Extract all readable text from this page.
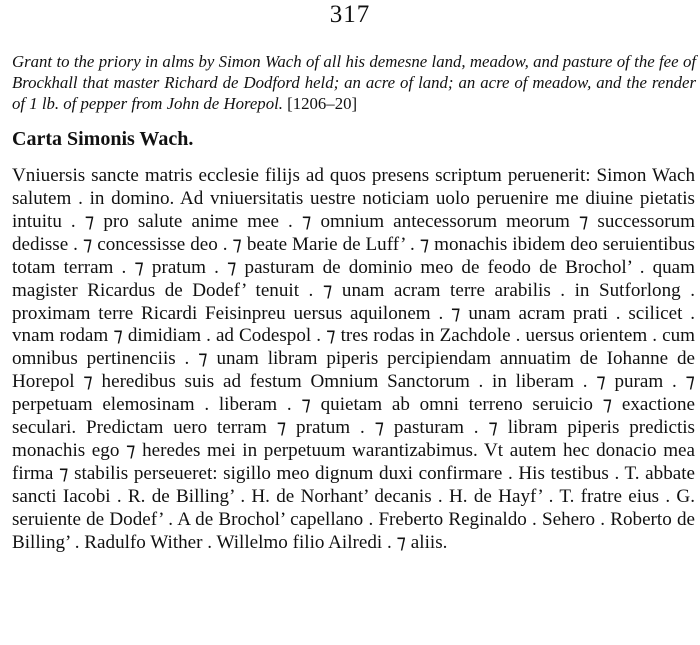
317

Grant to the priory in alms by Simon Wach of all his demesne land, meadow, and pasture of the fee of Brockhall that master Richard de Dodford held; an acre of land; an acre of meadow, and the render of 1 lb. of pepper from John de Horepol. [1206–20]

Carta Simonis Wach.

Vniuersis sancte matris ecclesie filijs ad quos presens scriptum peruenerit: Simon Wach salutem . in domino. Ad vniuersitatis uestre noticiam uolo peruenire me diuine pietatis intuitu . ⁊ pro salute anime mee . ⁊ omnium antecessorum meorum ⁊ successorum dedisse . ⁊ concessisse deo . ⁊ beate Marie de Luff’ . ⁊ monachis ibidem deo seruientibus totam terram . ⁊ pratum . ⁊ pasturam de dominio meo de feodo de Brochol’ . quam magister Ricardus de Dodef’ tenuit . ⁊ unam acram terre arabilis . in Sutforlong . proximam terre Ricardi Feisinpreu uersus aquilonem . ⁊ unam acram prati . scilicet . vnam rodam ⁊ dimidiam . ad Codespol . ⁊ tres rodas in Zachdole . uersus orientem . cum omnibus pertinenciis . ⁊ unam libram piperis percipiendam annuatim de Iohanne de Horepol ⁊ heredibus suis ad festum Omnium Sanctorum . in liberam . ⁊ puram . ⁊ perpetuam elemosinam . liberam . ⁊ quietam ab omni terreno seruicio ⁊ exactione seculari. Predictam uero terram ⁊ pratum . ⁊ pasturam . ⁊ libram piperis predictis monachis ego ⁊ heredes mei in perpetuum warantizabimus. Vt autem hec donacio mea firma ⁊ stabilis perseueret: sigillo meo dignum duxi confirmare . His testibus . T. abbate sancti Iacobi . R. de Billing’ . H. de Norhant’ decanis . H. de Hayf’ . T. fratre eius . G. seruiente de Dodef’ . A de Brochol’ capellano . Freberto Reginaldo . Sehero . Roberto de Billing’ . Radulfo Wither . Willelmo filio Ailredi . ⁊ aliis.
